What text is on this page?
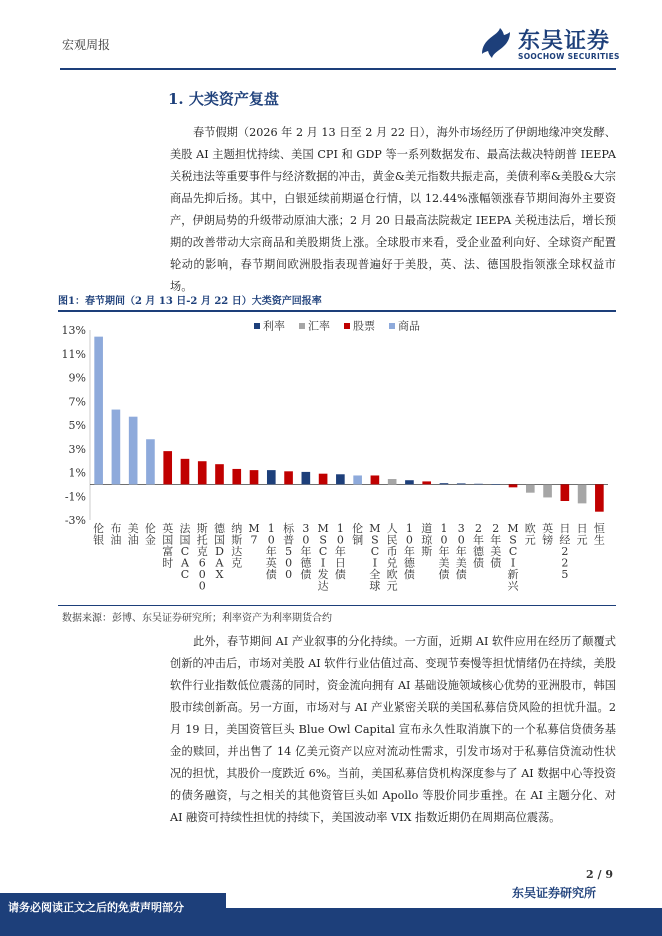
宏观周报	东吴证券
SOOCHOW SECURITIES
1. 大类资产复盘
春节假期（2026 年 2 月 13 日至 2 月 22 日），海外市场经历了伊朗地缘冲突发酵、美股 AI 主题担忧持续、美国 CPI 和 GDP 等一系列数据发布、最高法裁决特朗普 IEEPA 关税违法等重要事件与经济数据的冲击，黄金&美元指数共振走高，美债利率&美股&大宗商品先抑后扬。其中，白银延续前期逼仓行情，以 12.44%涨幅领涨春节期间海外主要资产，伊朗局势的升级带动原油大涨；2 月 20 日最高法院裁定 IEEPA 关税违法后，增长预期的改善带动大宗商品和美股期货上涨。全球股市来看，受企业盈利向好、全球资产配置轮动的影响，春节期间欧洲股指表现普遍好于美股，英、法、德国股指领涨全球权益市场。
图1：春节期间（2 月 13 日-2 月 22 日）大类资产回报率
13%
11%
9%
7%
5%
3%
1%
-1%
-3%
伦银
布油
美油
伦金
英国富时
法国 C A C
斯托克 6 0 0
德国 D A X
纳斯达克
M 7
1 0 年英债
标普 5 0 0
3 0 年德债
M S C I 发达
1 0 年日债
伦铜
M S C I 全球
人民币兑欧元
1 0 年德债
道琼斯
1 0 年美债
3 0 年美债
2 年德债
2 年美债
M S C I 新兴
欧元
英镑
日经 2 2 5
日元
恒生
利率 汇率 股票 商品
数据来源：彭博、东吴证券研究所；利率资产为利率期货合约
此外，春节期间 AI 产业叙事的分化持续。一方面，近期 AI 软件应用在经历了颠覆式创新的冲击后，市场对美股 AI 软件行业估值过高、变现节奏慢等担忧情绪仍在持续，美股软件行业指数低位震荡的同时，资金流向拥有 AI 基础设施领域核心优势的亚洲股市，韩国股市续创新高。另一方面，市场对与 AI 产业紧密关联的美国私募信贷风险的担忧升温。2 月 19 日，美国资管巨头 Blue Owl Capital 宣布永久性取消旗下的一个私募信贷债务基金的赎回，并出售了 14 亿美元资产以应对流动性需求，引发市场对于私募信贷流动性状况的担忧，其股价一度跌近 6%。当前，美国私募信贷机构深度参与了 AI 数据中心等投资的债务融资，与之相关的其他资管巨头如 Apollo 等股价同步重挫。在 AI 主题分化、对 AI 融资可持续性担忧的持续下，美国波动率 VIX 指数近期仍在周期高位震荡。
2 / 9
东吴证券研究所
请务必阅读正文之后的免责声明部分
